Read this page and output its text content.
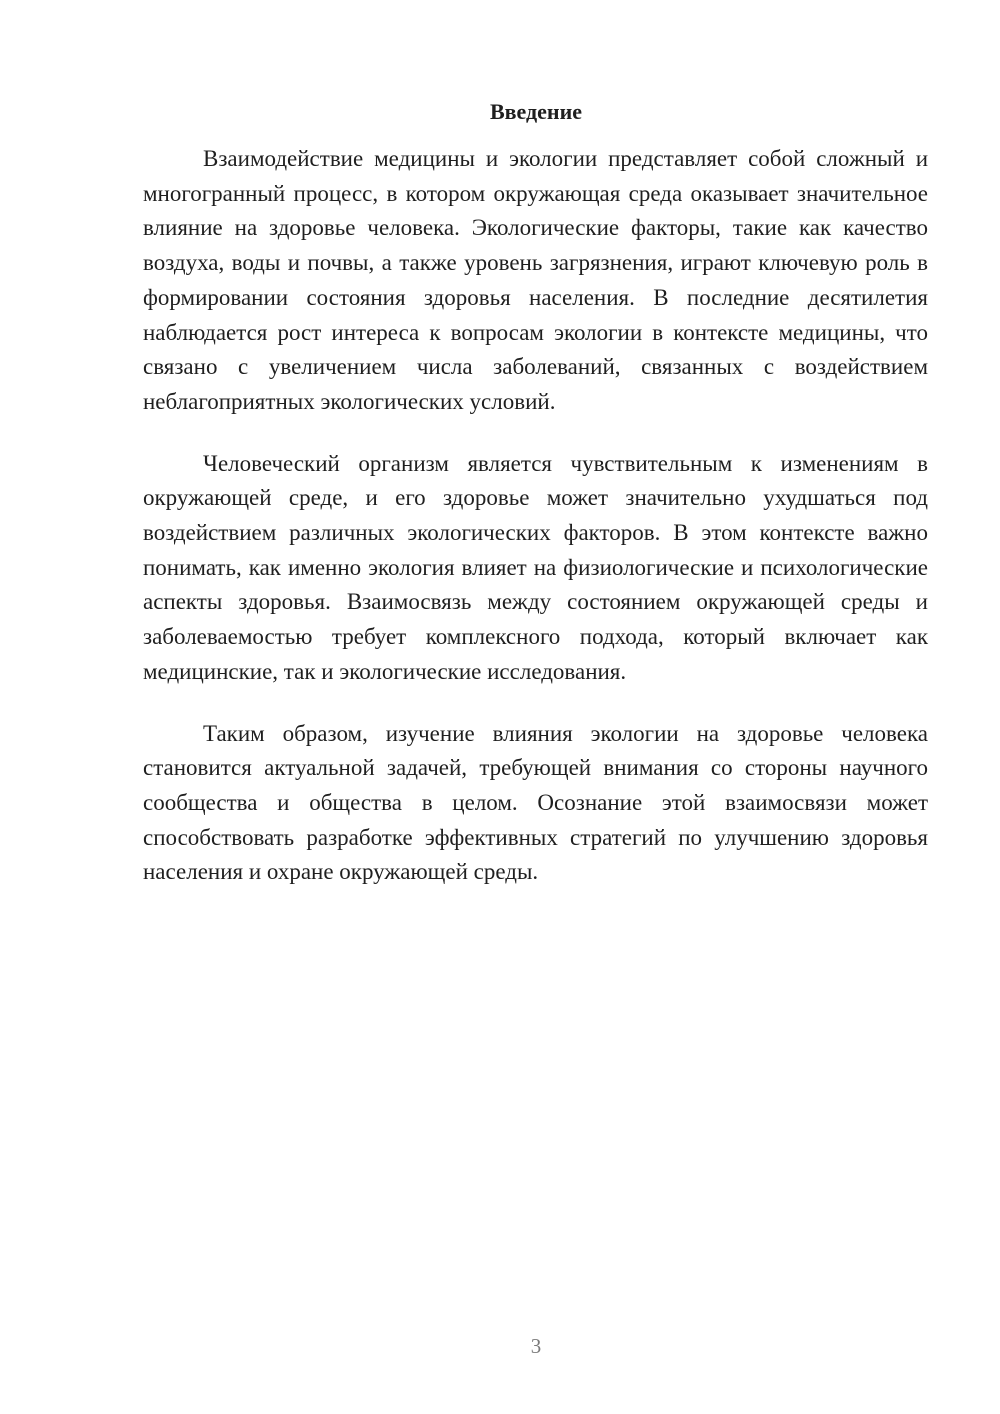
Введение

Взаимодействие медицины и экологии представляет собой сложный и многогранный процесс, в котором окружающая среда оказывает значительное влияние на здоровье человека. Экологические факторы, такие как качество воздуха, воды и почвы, а также уровень загрязнения, играют ключевую роль в формировании состояния здоровья населения. В последние десятилетия наблюдается рост интереса к вопросам экологии в контексте медицины, что связано с увеличением числа заболеваний, связанных с воздействием неблагоприятных экологических условий.

Человеческий организм является чувствительным к изменениям в окружающей среде, и его здоровье может значительно ухудшаться под воздействием различных экологических факторов. В этом контексте важно понимать, как именно экология влияет на физиологические и психологические аспекты здоровья. Взаимосвязь между состоянием окружающей среды и заболеваемостью требует комплексного подхода, который включает как медицинские, так и экологические исследования.

Таким образом, изучение влияния экологии на здоровье человека становится актуальной задачей, требующей внимания со стороны научного сообщества и общества в целом. Осознание этой взаимосвязи может способствовать разработке эффективных стратегий по улучшению здоровья населения и охране окружающей среды.

3
